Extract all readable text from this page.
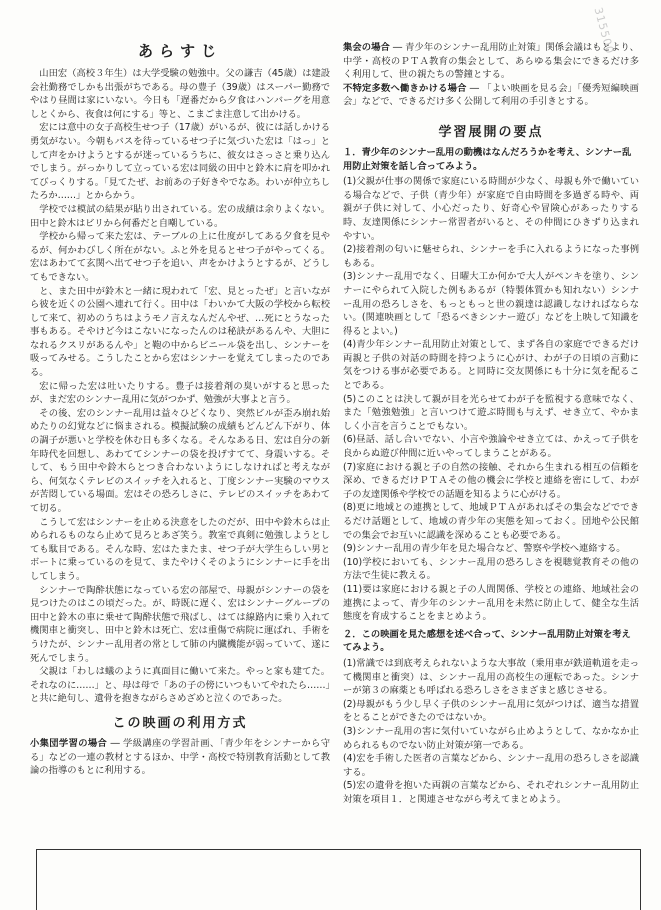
315500
あらすじ

山田宏（高校３年生）は大学受験の勉強中。父の謙吉（45歳）は建設会社勤務でしかも出張がちである。母の豊子（39歳）はスーパー勤務でやはり昼間は家にいない。今日も「遅番だから夕食はハンバーグを用意しとくから、夜食は何にする」等と、こまごま注意して出かける。

宏には意中の女子高校生せつ子（17歳）がいるが、彼には話しかける勇気がない。今朝もバスを待っているせつ子に気づいた宏は「はっ」として声をかけようとするが迷っているうちに、彼女はさっさと乗り込んでしまう。がっかりして立っている宏は同級の田中と鈴木に肩を叩かれてびっくりする。「見てたぜ、お前あの子好きやでなあ。わいが仲立ちしたろか……」とからかう。

学校では模試の結果が貼り出されている。宏の成績は余りよくない。田中と鈴木はビリから何番だと自嘲している。

学校から帰って来た宏は、テーブルの上に仕度がしてある夕食を見やるが、何かわびしく所在がない。ふと外を見るとせつ子がやってくる。宏はあわてて玄関へ出てせつ子を追い、声をかけようとするが、どうしてもできない。

と、また田中が鈴木と一緒に現われて「宏、見とったぜ」と言いながら彼を近くの公園へ連れて行く。田中は「わいかて大阪の学校から転校して来て、初めのうちはようモノ言えなんだんやぜ、…死にとうなった事もある。そやけど今はこないになったんのは秘訣があるんや、大胆になれるクスリがあるんや」と鞄の中からビニール袋を出し、シンナーを吸ってみせる。こうしたことから宏はシンナーを覚えてしまったのである。

宏に帰った宏は吐いたりする。豊子は接着剤の臭いがすると思ったが、まだ宏のシンナー乱用に気がつかず、勉強が大事よと言う。

その後、宏のシンナー乱用は益々ひどくなり、突然ビルが歪み崩れ始めたりの幻覚などに悩まされる。模擬試験の成績もどんどん下がり、体の調子が悪いと学校を休む日も多くなる。そんなある日、宏は自分の新年時代を回想し、あわててシンナーの袋を投げすてて、身震いする。そして、もう田中や鈴木らとつき合わないようにしなければと考えながら、何気なくテレビのスイッチを入れると、丁度シンナー実験のマウスが苦悶している場面。宏はその恐ろしさに、テレビのスイッチをあわてて切る。

こうして宏はシンナーを止める決意をしたのだが、田中や鈴木らは止められるものなら止めて見ろとあざ笑う。教室で真剣に勉強しようとしても駄目である。そんな時、宏はたまたま、せつ子が大学生らしい男とボートに乗っているのを見て、またやけくそのようにシンナーに手を出してしまう。

シンナーで陶酔状態になっている宏の部屋で、母親がシンナーの袋を見つけたのはこの頃だった。が、時既に遅く、宏はシンナーグループの田中と鈴木の車に乗せて陶酔状態で飛ばし、はては線路内に乗り入れて機関車と衝突し、田中と鈴木は死亡、宏は重傷で病院に運ばれ、手術をうけたが、シンナー乱用者の常として肺の内臓機能が弱っていて、遂に死んでしまう。

父親は「わしは蟻のように真面目に働いて来た。やっと家も建てた。それなのに……」と、母は母で「あの子の傍にいつもいてやれたら……」と共に絶句し、遺骨を抱きながらさめざめと泣くのであった。

この映画の利用方式

小集団学習の場合 ― 学級講座の学習計画、「青少年をシンナーから守る」などの一連の教材とするほか、中学・高校で特別教育活動として教論の指導のもとに利用する。

集会の場合 ― 青少年のシンナー乱用防止対策」関係会議はもとより、中学・高校のＰＴＡ教育の集会として、あらゆる集会にできるだけ多く利用して、世の親たちの警鐘とする。

不特定多数へ働きかける場合 ― 「よい映画を見る会」「優秀短編映画会」などで、できるだけ多く公開して利用の手引きとする。

学習展開の要点

１．青少年のシンナー乱用の動機はなんだろうかを考え、シンナー乱用防止対策を話し合ってみよう。

(1)父親が仕事の関係で家庭にいる時間が少なく、母親も外で働いている場合などで、子供（青少年）が家庭で自由時間を多過ぎる時や、両親が子供に対して、小心だったり、好奇心や冒険心があったりする時、友達関係にシンナー常習者がいると、その仲間にひきずり込まれやすい。

(2)接着剤の匂いに魅せられ、シンナーを手に入れるようになった事例もある。

(3)シンナー乱用でなく、日曜大工か何かで大人がペンキを塗り、シンナーにやられて入院した例もあるが（特製体質かも知れない）シンナー乱用の恐ろしさを、もっともっと世の親達は認識しなければならない。(関連映画として「恐るべきシンナー遊び」などを上映して知識を得るとよい。)

(4)青少年シンナー乱用防止対策として、まず各自の家庭でできるだけ両親と子供の対話の時間を持つように心がけ、わが子の日頃の言動に気をつける事が必要である。と同時に交友関係にも十分に気を配ることである。

(5)このことは決して親が目を光らせてわが子を監視する意味でなく、また「勉強勉強」と言いつけて遊ぶ時間も与えず、せき立て、やかましく小言を言うことでもない。

(6)昼話、話し合いでない、小言や強論やせき立ては、かえって子供を良からぬ遊び仲間に近いやってしまうことがある。

(7)家庭における親と子の自然の接触、それから生まれる相互の信頼を深め、できるだけＰＴＡその他の機会に学校と連絡を密にして、わが子の友達関係や学校での話題を知るように心がける。

(8)更に地域との連携として、地域ＰＴＡがあればその集会などでできるだけ話題として、地域の青少年の実態を知っておく。団地や公民館での集会でお互いに認識を深めることも必要である。

(9)シンナー乱用の青少年を見た場合など、警察や学校へ連絡する。

(10)学校においても、シンナー乱用の恐ろしさを視聴覚教育その他の方法で生徒に教える。

(11)要は家庭における親と子の人間関係、学校との連絡、地域社会の連携によって、青少年のシンナー乱用を未然に防止して、健全な生活態度を育成することをまとめよう。

２．この映画を見た感想を述べ合って、シンナー乱用防止対策を考えてみよう。

(1)常識では到底考えられないような大事故（乗用車が鉄道軌道を走って機関車と衝突）は、シンナー乱用の高校生の運転であった。シンナーが第３の麻薬とも呼ばれる恐ろしさをさまざまと感じさせる。

(2)母親がもう少し早く子供のシンナー乱用に気がつけば、適当な措置をとることができたのではないか。

(3)シンナー乱用の害に気付いていながら止めようとして、なかなか止められるものでない防止対策が第一である。

(4)宏を手術した医者の言葉などから、シンナー乱用の恐ろしさを認識する。

(5)宏の遺骨を抱いた両親の言葉などから、それぞれシンナー乱用防止対策を項目１．と関連させながら考えてまとめよう。
